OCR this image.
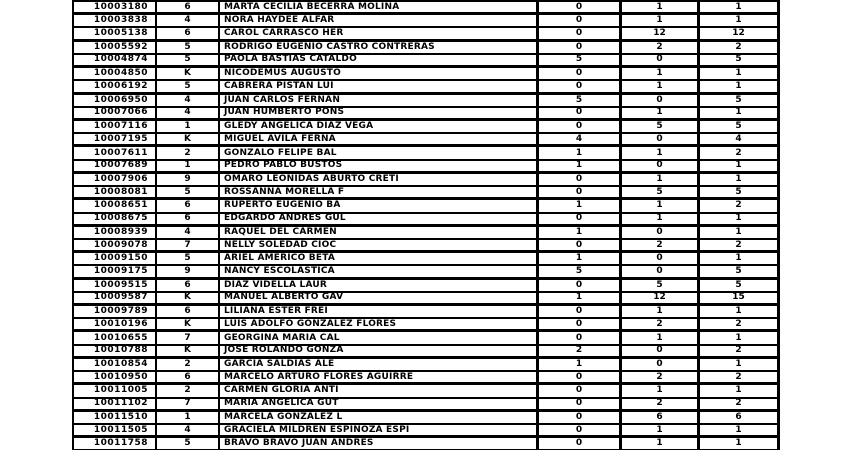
10003180	6	MARTA CECILIA BECERRA MOLINA	0	1	1
10003838	4	NORA HAYDEE ALFAR	0	1	1
10005138	6	CAROL CARRASCO HER	0	12	12
10005592	5	RODRIGO EUGENIO CASTRO CONTRERAS	0	2	2
10004874	5	PAOLA BASTIAS CATALDO	5	0	5
10004850	K	NICODEMUS AUGUSTO	0	1	1
10006192	5	CABRERA PISTAN LUI	0	1	1
10006950	4	JUAN CARLOS FERNAN	5	0	5
10007066	4	JUAN HUMBERTO PONS	0	1	1
10007116	1	GLEDY ANGELICA DIAZ VEGA	0	5	5
10007195	K	MIGUEL AVILA FERNA	4	0	4
10007611	2	GONZALO FELIPE BAL	1	1	2
10007689	1	PEDRO PABLO BUSTOS	1	0	1
10007906	9	OMARO LEONIDAS ABURTO CRETI	0	1	1
10008081	5	ROSSANNA MORELLA F	0	5	5
10008651	6	RUPERTO EUGENIO BA	1	1	2
10008675	6	EDGARDO ANDRES GUL	0	1	1
10008939	4	RAQUEL DEL CARMEN	1	0	1
10009078	7	NELLY SOLEDAD CIOC	0	2	2
10009150	5	ARIEL AMERICO BETA	1	0	1
10009175	9	NANCY ESCOLASTICA	5	0	5
10009515	6	DIAZ VIDELLA LAUR	0	5	5
10009587	K	MANUEL ALBERTO GAV	1	12	15
10009789	6	LILIANA ESTER FREI	0	1	1
10010196	K	LUIS ADOLFO GONZALEZ FLORES	0	2	2
10010655	7	GEORGINA MARIA CAL	0	1	1
10010788	K	JOSE ROLANDO GONZA	2	0	2
10010854	2	GARCIA SALDIAS ALE	1	0	1
10010950	6	MARCELO ARTURO FLORES AGUIRRE	0	2	2
10011005	2	CARMEN GLORIA ANTI	0	1	1
10011102	7	MARIA ANGELICA GUT	0	2	2
10011510	1	MARCELA GONZALEZ L	0	6	6
10011505	4	GRACIELA MILDREN ESPINOZA ESPI	0	1	1
10011758	5	BRAVO BRAVO JUAN ANDRES	0	1	1
